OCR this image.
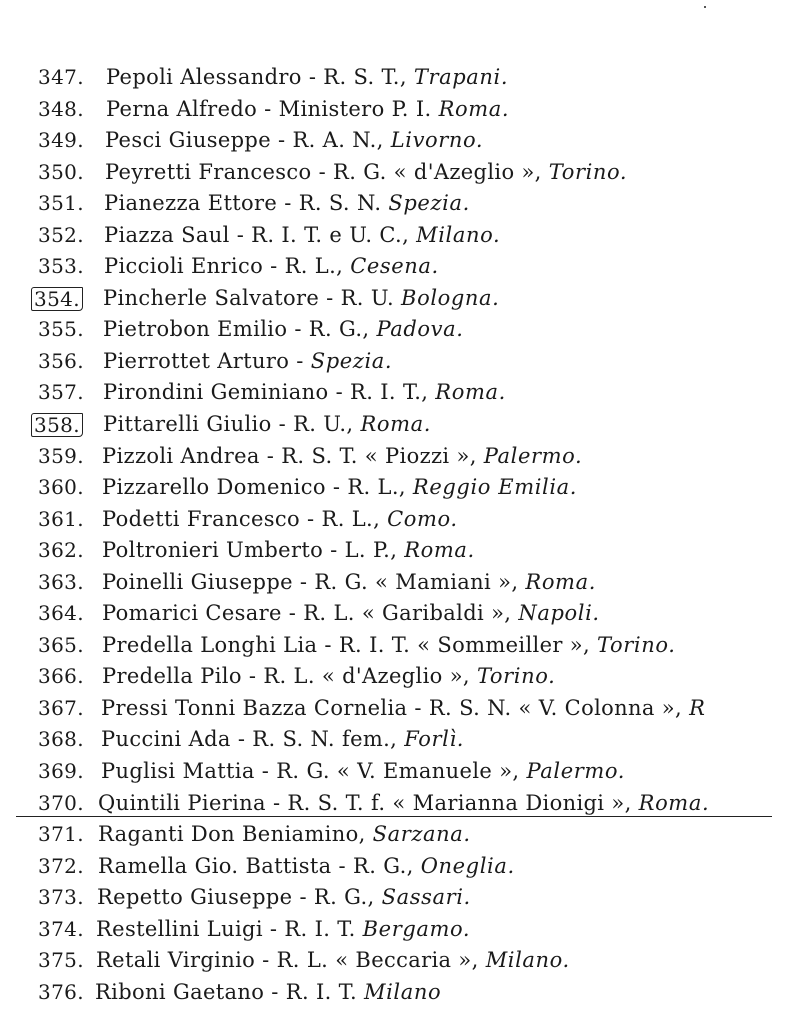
347. Pepoli Alessandro - R. S. T., Trapani.
348. Perna Alfredo - Ministero P. I. Roma.
349. Pesci Giuseppe - R. A. N., Livorno.
350. Peyretti Francesco - R. G. « d'Azeglio », Torino.
351. Pianezza Ettore - R. S. N. Spezia.
352. Piazza Saul - R. I. T. e U. C., Milano.
353. Piccioli Enrico - R. L., Cesena.
354. Pincherle Salvatore - R. U. Bologna.
355. Pietrobon Emilio - R. G., Padova.
356. Pierrottet Arturo - Spezia.
357. Pirondini Geminiano - R. I. T., Roma.
358. Pittarelli Giulio - R. U., Roma.
359. Pizzoli Andrea - R. S. T. « Piozzi », Palermo.
360. Pizzarello Domenico - R. L., Reggio Emilia.
361. Podetti Francesco - R. L., Como.
362. Poltronieri Umberto - L. P., Roma.
363. Poinelli Giuseppe - R. G. « Mamiani », Roma.
364. Pomarici Cesare - R. L. « Garibaldi », Napoli.
365. Predella Longhi Lia - R. I. T. « Sommeiller », Torino.
366. Predella Pilo - R. L. « d'Azeglio », Torino.
367. Pressi Tonni Bazza Cornelia - R. S. N. « V. Colonna », R
368. Puccini Ada - R. S. N. fem., Forlì.
369. Puglisi Mattia - R. G. « V. Emanuele », Palermo.
370. Quintili Pierina - R. S. T. f. « Marianna Dionigi », Roma.
371. Raganti Don Beniamino, Sarzana.
372. Ramella Gio. Battista - R. G., Oneglia.
373. Repetto Giuseppe - R. G., Sassari.
374. Restellini Luigi - R. I. T. Bergamo.
375. Retali Virginio - R. L. « Beccaria », Milano.
376. Riboni Gaetano - R. I. T. Milano
